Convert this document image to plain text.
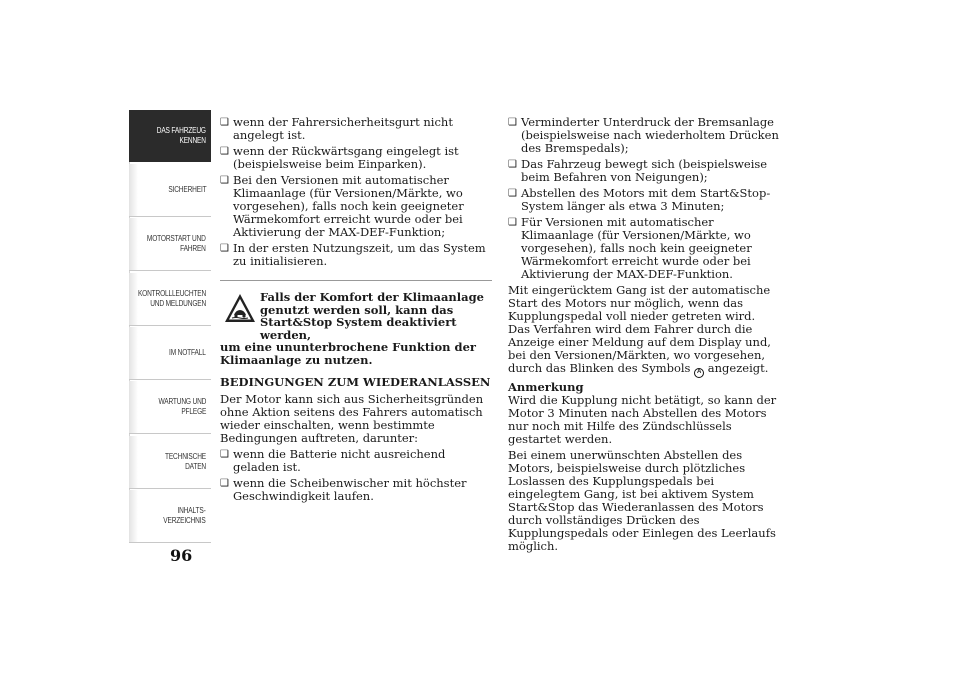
DAS FAHRZEUG
KENNEN
SICHERHEIT
MOTORSTART UND
FAHREN
KONTROLLLEUCHTEN
UND MELDUNGEN
IM NOTFALL
WARTUNG UND
PFLEGE
TECHNISCHE
DATEN
INHALTS-
VERZEICHNIS
96
❑ wenn der Fahrersicherheitsgurt nicht angelegt ist.
❑ wenn der Rückwärtsgang eingelegt ist (beispielsweise beim Einparken).
❑ Bei den Versionen mit automatischer Klimaanlage (für Versionen/Märkte, wo vorgesehen), falls noch kein geeigneter Wärmekomfort erreicht wurde oder bei Aktivierung der MAX-DEF-Funktion;
❑ In der ersten Nutzungszeit, um das System zu initialisieren.
Falls der Komfort der Klimaanlage genutzt werden soll, kann das Start&Stop System deaktiviert werden,
um eine ununterbrochene Funktion der Klimaanlage zu nutzen.
BEDINGUNGEN ZUM WIEDERANLASSEN
Der Motor kann sich aus Sicherheitsgründen ohne Aktion seitens des Fahrers automatisch wieder einschalten, wenn bestimmte Bedingungen auftreten, darunter:
❑ wenn die Batterie nicht ausreichend geladen ist.
❑ wenn die Scheibenwischer mit höchster Geschwindigkeit laufen.
❑ Verminderter Unterdruck der Bremsanlage (beispielsweise nach wiederholtem Drücken des Bremspedals);
❑ Das Fahrzeug bewegt sich (beispielsweise beim Befahren von Neigungen);
❑ Abstellen des Motors mit dem Start&Stop-System länger als etwa 3 Minuten;
❑ Für Versionen mit automatischer Klimaanlage (für Versionen/Märkte, wo vorgesehen), falls noch kein geeigneter Wärmekomfort erreicht wurde oder bei Aktivierung der MAX-DEF-Funktion.
Mit eingerücktem Gang ist der automatische Start des Motors nur möglich, wenn das Kupplungspedal voll nieder getreten wird. Das Verfahren wird dem Fahrer durch die Anzeige einer Meldung auf dem Display und, bei den Versionen/Märkten, wo vorgesehen, durch das Blinken des Symbols A angezeigt.
Anmerkung
Wird die Kupplung nicht betätigt, so kann der Motor 3 Minuten nach Abstellen des Motors nur noch mit Hilfe des Zündschlüssels gestartet werden.
Bei einem unerwünschten Abstellen des Motors, beispielsweise durch plötzliches Loslassen des Kupplungspedals bei eingelegtem Gang, ist bei aktivem System Start&Stop das Wiederanlassen des Motors durch vollständiges Drücken des Kupplungspedals oder Einlegen des Leerlaufs möglich.
